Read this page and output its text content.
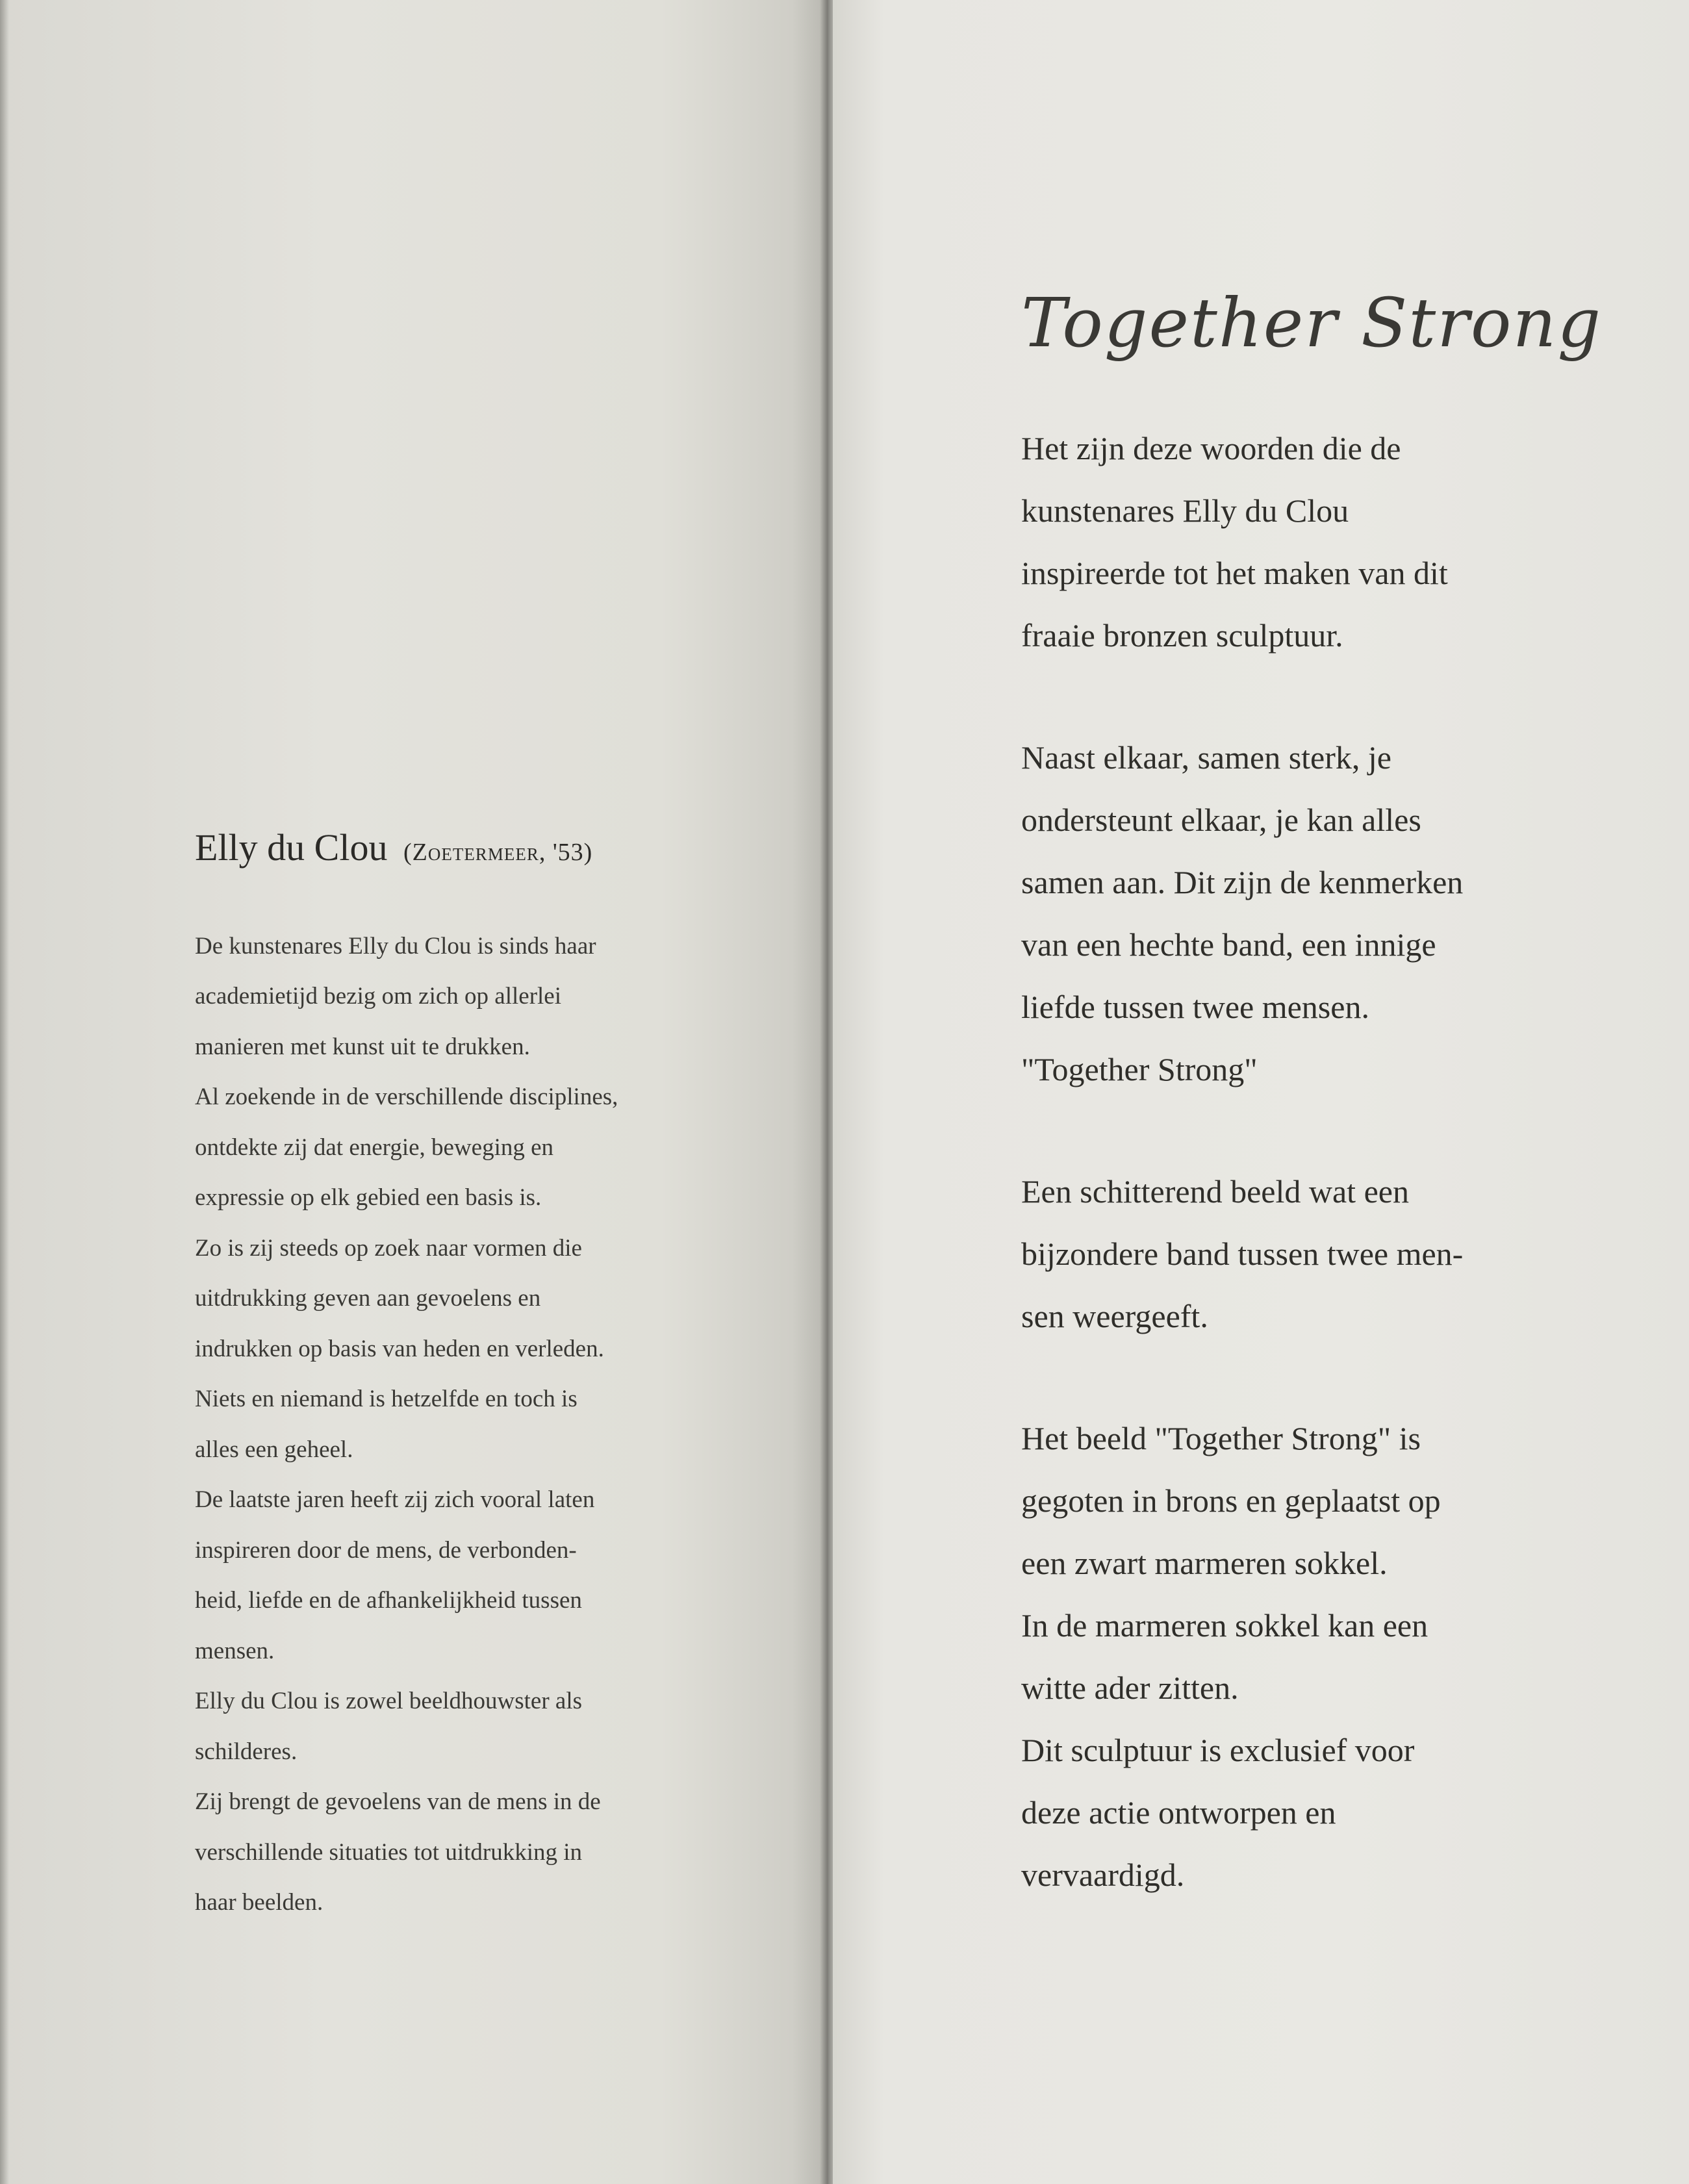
Elly du Clou (Zoetermeer, '53)
De kunstenares Elly du Clou is sinds haar
academietijd bezig om zich op allerlei
manieren met kunst uit te drukken.
Al zoekende in de verschillende disciplines,
ontdekte zij dat energie, beweging en
expressie op elk gebied een basis is.
Zo is zij steeds op zoek naar vormen die
uitdrukking geven aan gevoelens en
indrukken op basis van heden en verleden.
Niets en niemand is hetzelfde en toch is
alles een geheel.
De laatste jaren heeft zij zich vooral laten
inspireren door de mens, de verbonden-
heid, liefde en de afhankelijkheid tussen
mensen.
Elly du Clou is zowel beeldhouwster als
schilderes.
Zij brengt de gevoelens van de mens in de
verschillende situaties tot uitdrukking in
haar beelden.
Together Strong
Het zijn deze woorden die de
kunstenares Elly du Clou
inspireerde tot het maken van dit
fraaie bronzen sculptuur.
Naast elkaar, samen sterk, je
ondersteunt elkaar, je kan alles
samen aan. Dit zijn de kenmerken
van een hechte band, een innige
liefde tussen twee mensen.
"Together Strong"
Een schitterend beeld wat een
bijzondere band tussen twee men-
sen weergeeft.
Het beeld "Together Strong" is
gegoten in brons en geplaatst op
een zwart marmeren sokkel.
In de marmeren sokkel kan een
witte ader zitten.
Dit sculptuur is exclusief voor
deze actie ontworpen en
vervaardigd.
